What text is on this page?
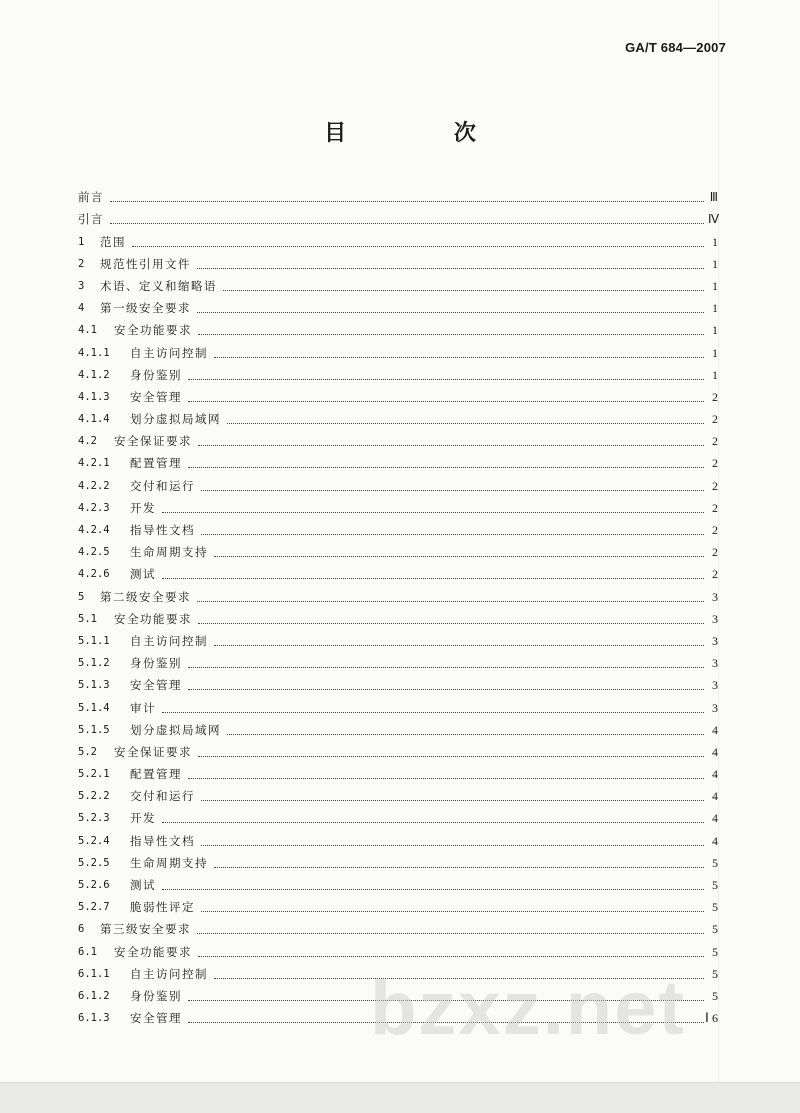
GA/T 684—2007
目 次
前言	Ⅲ
引言	Ⅳ
1	范围	1
2	规范性引用文件	1
3	术语、定义和缩略语	1
4	第一级安全要求	1
4.1	安全功能要求	1
4.1.1	自主访问控制	1
4.1.2	身份鉴别	1
4.1.3	安全管理	2
4.1.4	划分虚拟局域网	2
4.2	安全保证要求	2
4.2.1	配置管理	2
4.2.2	交付和运行	2
4.2.3	开发	2
4.2.4	指导性文档	2
4.2.5	生命周期支持	2
4.2.6	测试	2
5	第二级安全要求	3
5.1	安全功能要求	3
5.1.1	自主访问控制	3
5.1.2	身份鉴别	3
5.1.3	安全管理	3
5.1.4	审计	3
5.1.5	划分虚拟局域网	4
5.2	安全保证要求	4
5.2.1	配置管理	4
5.2.2	交付和运行	4
5.2.3	开发	4
5.2.4	指导性文档	4
5.2.5	生命周期支持	5
5.2.6	测试	5
5.2.7	脆弱性评定	5
6	第三级安全要求	5
6.1	安全功能要求	5
6.1.1	自主访问控制	5
6.1.2	身份鉴别	5
6.1.3	安全管理	6
bzxz.net Ⅰ
